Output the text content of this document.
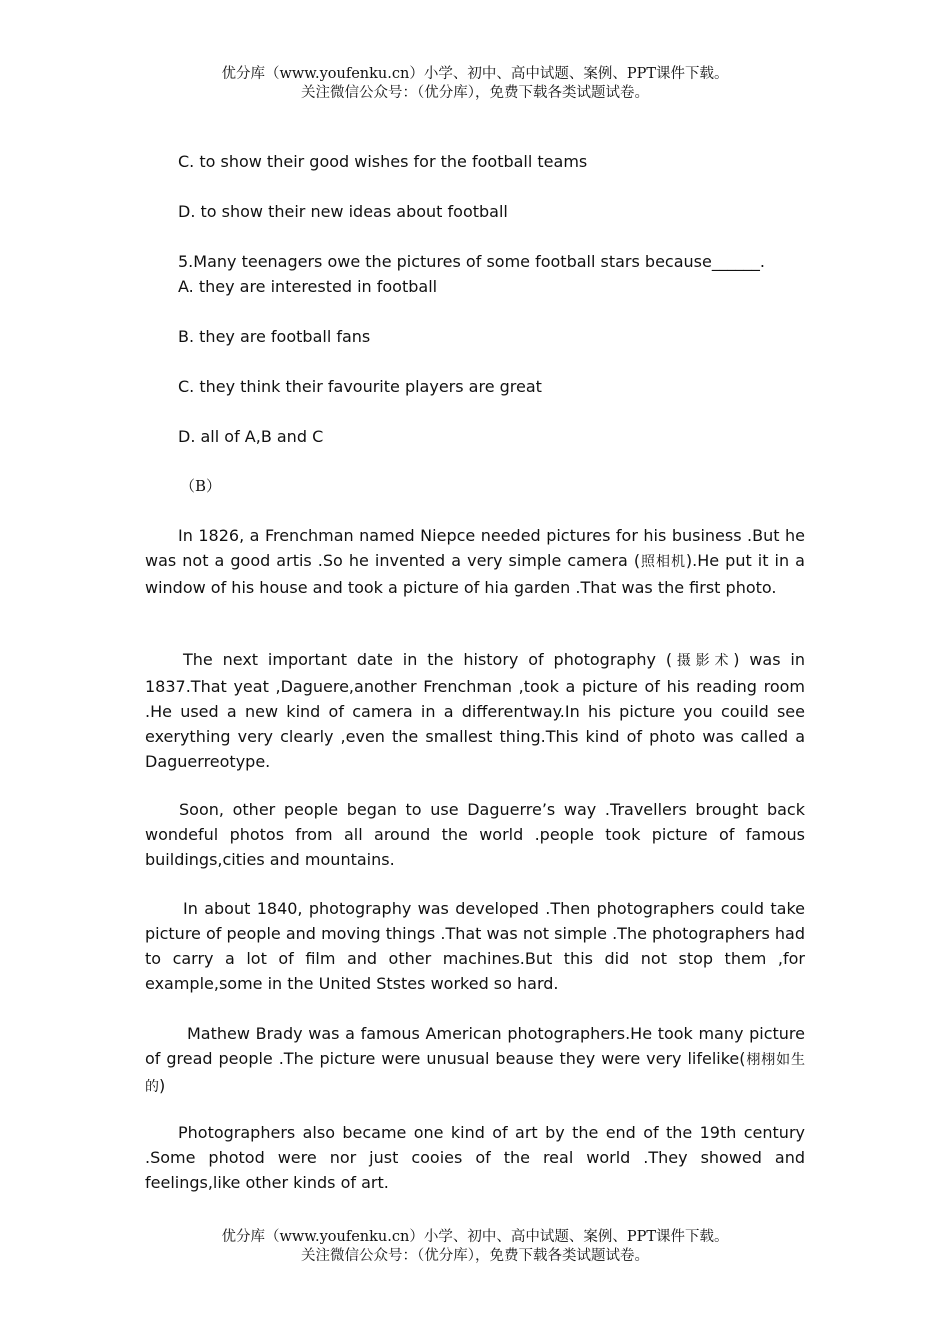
优分库（www.youfenku.cn）小学、初中、高中试题、案例、PPT课件下载。
关注微信公众号：（优分库），免费下载各类试题试卷。
C. to show their good wishes for the football teams
D. to show their new ideas about football
5.Many teenagers owe the pictures of some football stars because______.
A. they are interested in football
B. they are football fans
C. they think their favourite players are great
D. all of A,B and C
（B）
In 1826, a Frenchman named Niepce needed pictures for his business .But he was not a good artis .So he invented a very simple camera (照相机).He put it in a window of his house and took a picture of hia garden .That was the first photo.
The next important date in the history of photography (摄影术) was in 1837.That yeat ,Daguere,another Frenchman ,took a picture of his reading room .He used a new kind of camera in a differentway.In his picture you couild see exerything very clearly ,even the smallest thing.This kind of photo was called a Daguerreotype.
Soon, other people began to use Daguerre’s way .Travellers brought back wondeful photos from all around the world .people took picture of famous buildings,cities and mountains.
In about 1840, photography was developed .Then photographers could take picture of people and moving things .That was not simple .The photographers had to carry a lot of film and other machines.But this did not stop them ,for example,some in the United Ststes worked so hard.
Mathew Brady was a famous American photographers.He took many picture of gread people .The picture were unusual beause they were very lifelike(栩栩如生的)
Photographers also became one kind of art by the end of the 19th century .Some photod were nor just cooies of the real world .They showed and feelings,like other kinds of art.
优分库（www.youfenku.cn）小学、初中、高中试题、案例、PPT课件下载。
关注微信公众号：（优分库），免费下载各类试题试卷。
